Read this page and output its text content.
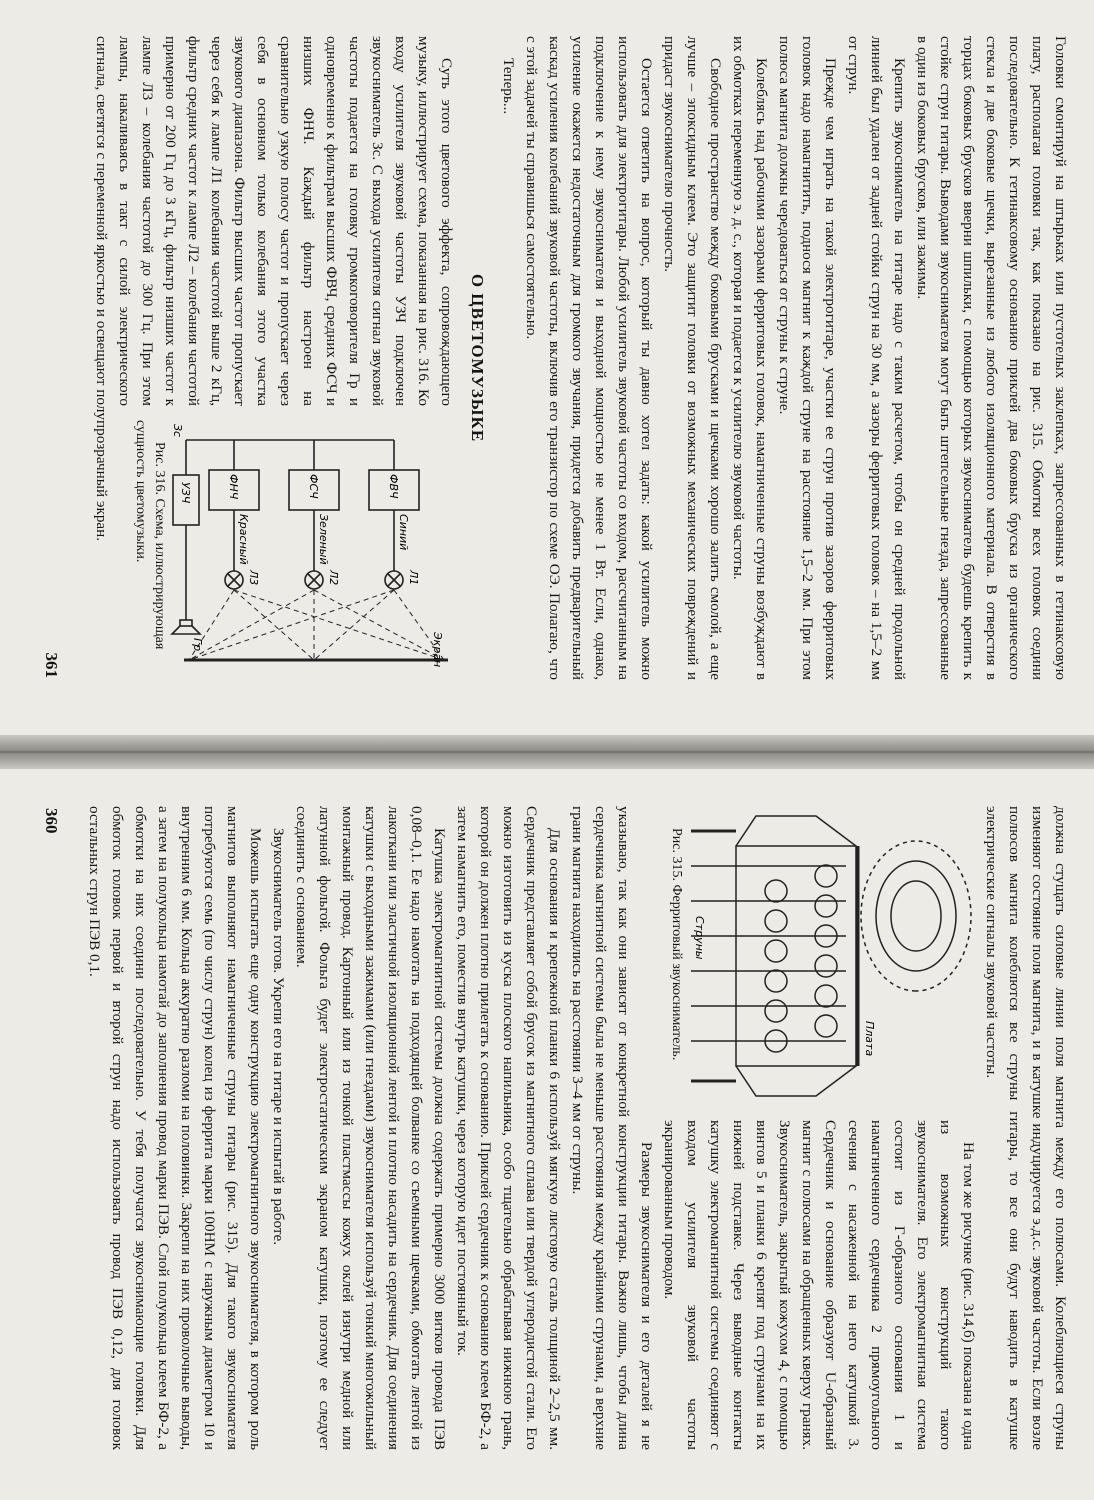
Головки смонтируй на штырьках или пустотелых заклепках, запрессованных в гетинаксовую плату, располагая головки так, как показано на рис. 315. Обмотки всех головок соедини последовательно. К гетинаксовому основанию приклей два боковых бруска из органического стекла и две боковые щечки, вырезанные из любого изоляционного материала. В отверстия в торцах боковых брусков вверни шпильки, с помощью которых звукосниматель будешь крепить к стойке струн гитары. Выводами звукоснимателя могут быть штепсельные гнезда, запрессованные в один из боковых брусков, или зажимы.

Крепить звукосниматель на гитаре надо с таким расчетом, чтобы он средней продольной линией был удален от задней стойки струн на 30 мм, а зазоры ферритовых головок – на 1,5–2 мм от струн.

Прежде чем играть на такой электрогитаре, участки ее струн против зазоров ферритовых головок надо намагнитить, поднося магнит к каждой струне на расстояние 1,5–2 мм. При этом полюса магнита должны чередоваться от струны к струне.

Колеблясь над рабочими зазорами ферритовых головок, намагниченные струны возбуждают в их обмотках переменную э. д. с., которая и подается к усилителю звуковой частоты.

Свободное пространство между боковыми брусками и щечками хорошо залить смолой, а еще лучше – эпоксидным клеем. Это защитит головки от возможных механических повреждений и придаст звукоснимателю прочность.

Остается ответить на вопрос, который ты давно хотел задать: какой усилитель можно использовать для электрогитары. Любой усилитель звуковой частоты со входом, рассчитанным на подключение к нему звукоснимателя и выходной мощностью не менее 1 Вт. Если, однако, усиление окажется недостаточным для громкого звучания, придется добавить предварительный каскад усиления колебаний звуковой частоты, включив его транзистор по схеме ОЭ. Полагаю, что с этой задачей ты справишься самостоятельно.

Теперь...

О ЦВЕТОМУЗЫКЕ
Экран
ФВЧ
ФСЧ
ФНЧ
Синий
Зеленый
Красный
Л1
Л2
Л3
УЗЧ
Гр
Зс

Рис. 316. Схема, иллюстрирующая сущность цветомузыки.

Суть этого цветового эффекта, сопровождающего музыку, иллюстрирует схема, показанная на рис. 316. Ко входу усилителя звуковой частоты УЗЧ подключен звукосниматель Зс. С выхода усилителя сигнал звуковой частоты подается на головку громкоговорителя Гр и одновременно к фильтрам высших ФВЧ, средних ФСЧ и низших ФНЧ. Каждый фильтр настроен на сравнительно узкую полосу частот и пропускает через себя в основном только колебания этого участка звукового диапазона. Фильтр высших частот пропускает через себя к лампе Л1 колебания частотой выше 2 кГц, фильтр средних частот к лампе Л2 – колебания частотой примерно от 200 Гц до 3 кГц, фильтр низших частот к лампе Л3 – колебания частотой до 300 Гц. При этом лампы, накаливаясь в такт с силой электрического сигнала, светятся с переменной яркостью и освещают полупрозрачный экран.

361

должна стущать силовые линии поля магнита между его полюсами. Колеблющиеся струны изменяют состояние поля магнита, и в катушке индуцируется э.д.с. звуковой частоты. Если возле полюсов магнита колеблются все струны гитары, то все они будут наводить в катушке электрические сигналы звуковой частоты.

Плата
Струны

Рис. 315. Ферритовый звукосниматель.

На том же рисунке (рис. 314,б) показана и одна из возможных конструкций такого звукоснимателя. Его электромагнитная система состоит из Г-образного основания 1 и намагниченного сердечника 2 прямоугольного сечения с насаженной на него катушкой 3. Сердечник и основание образуют U-образный магнит с полюсами на обращенных кверху гранях. Звукосниматель, закрытый кожухом 4, с помощью винтов 5 и планки 6 крепят под струнами на их нижней подставке. Через выводные контакты катушку электромагнитной системы соединяют с входом усилителя звуковой частоты экранированным проводом.

Размеры звукоснимателя и его деталей я не указываю, так как они зависят от конкретной конструкции гитары. Важно лишь, чтобы длина сердечника магнитной системы была не меньше расстояния между крайними струнами, а верхние грани магнита находились на расстоянии 3–4 мм от струны.

Для основания и крепежной планки 6 используй мягкую листовую сталь толщиной 2–2,5 мм. Сердечник представляет собой брусок из магнитного сплава или твердой углеродистой стали. Его можно изготовить из куска плоского напильника, особо тщательно обрабатывая нижнюю грань, которой он должен плотно прилегать к основанию. Приклей сердечник к основанию клеем БФ-2, а затем намагнить его, поместив внутрь катушки, через которую идет постоянный ток.

Катушка электромагнитной системы должна содержать примерно 3000 витков провода ПЭВ 0,08–0,1. Ее надо намотать на подходящей болванке со съемными щечками, обмотать лентой из лакоткани или эластичной изоляционной лентой и плотно насадить на сердечник. Для соединения катушки с выходными зажимами (или гнездами) звукоснимателя используй тонкий многожильный монтажный провод. Картонный или из тонкой пластмассы кожух оклей изнутри медной или латунной фольгой. Фольга будет электростатическим экраном катушки, поэтому ее следует соединить с основанием.

Звукосниматель готов. Укрепи его на гитаре и испытай в работе.

Можешь испытать еще одну конструкцию электромагнитного звукоснимателя, в котором роль магнитов выполняют намагниченные струны гитары (рис. 315). Для такого звукоснимателя потребуются семь (по числу струн) колец из феррита марки 100НМ с наружным диаметром 10 и внутренним 6 мм. Кольца аккуратно разломи на половинки. Закрепи на них проволочные выводы, а затем на полукольца намотай до заполнения провод марки ПЭВ. Слой полукольца клеем БФ-2, а обмотки на них соедини последовательно. У тебя получатся звукоснимающие головки. Для обмоток головок первой и второй струн надо использовать провод ПЭВ 0,12, для головок остальных струн ПЭВ 0,1.

360
